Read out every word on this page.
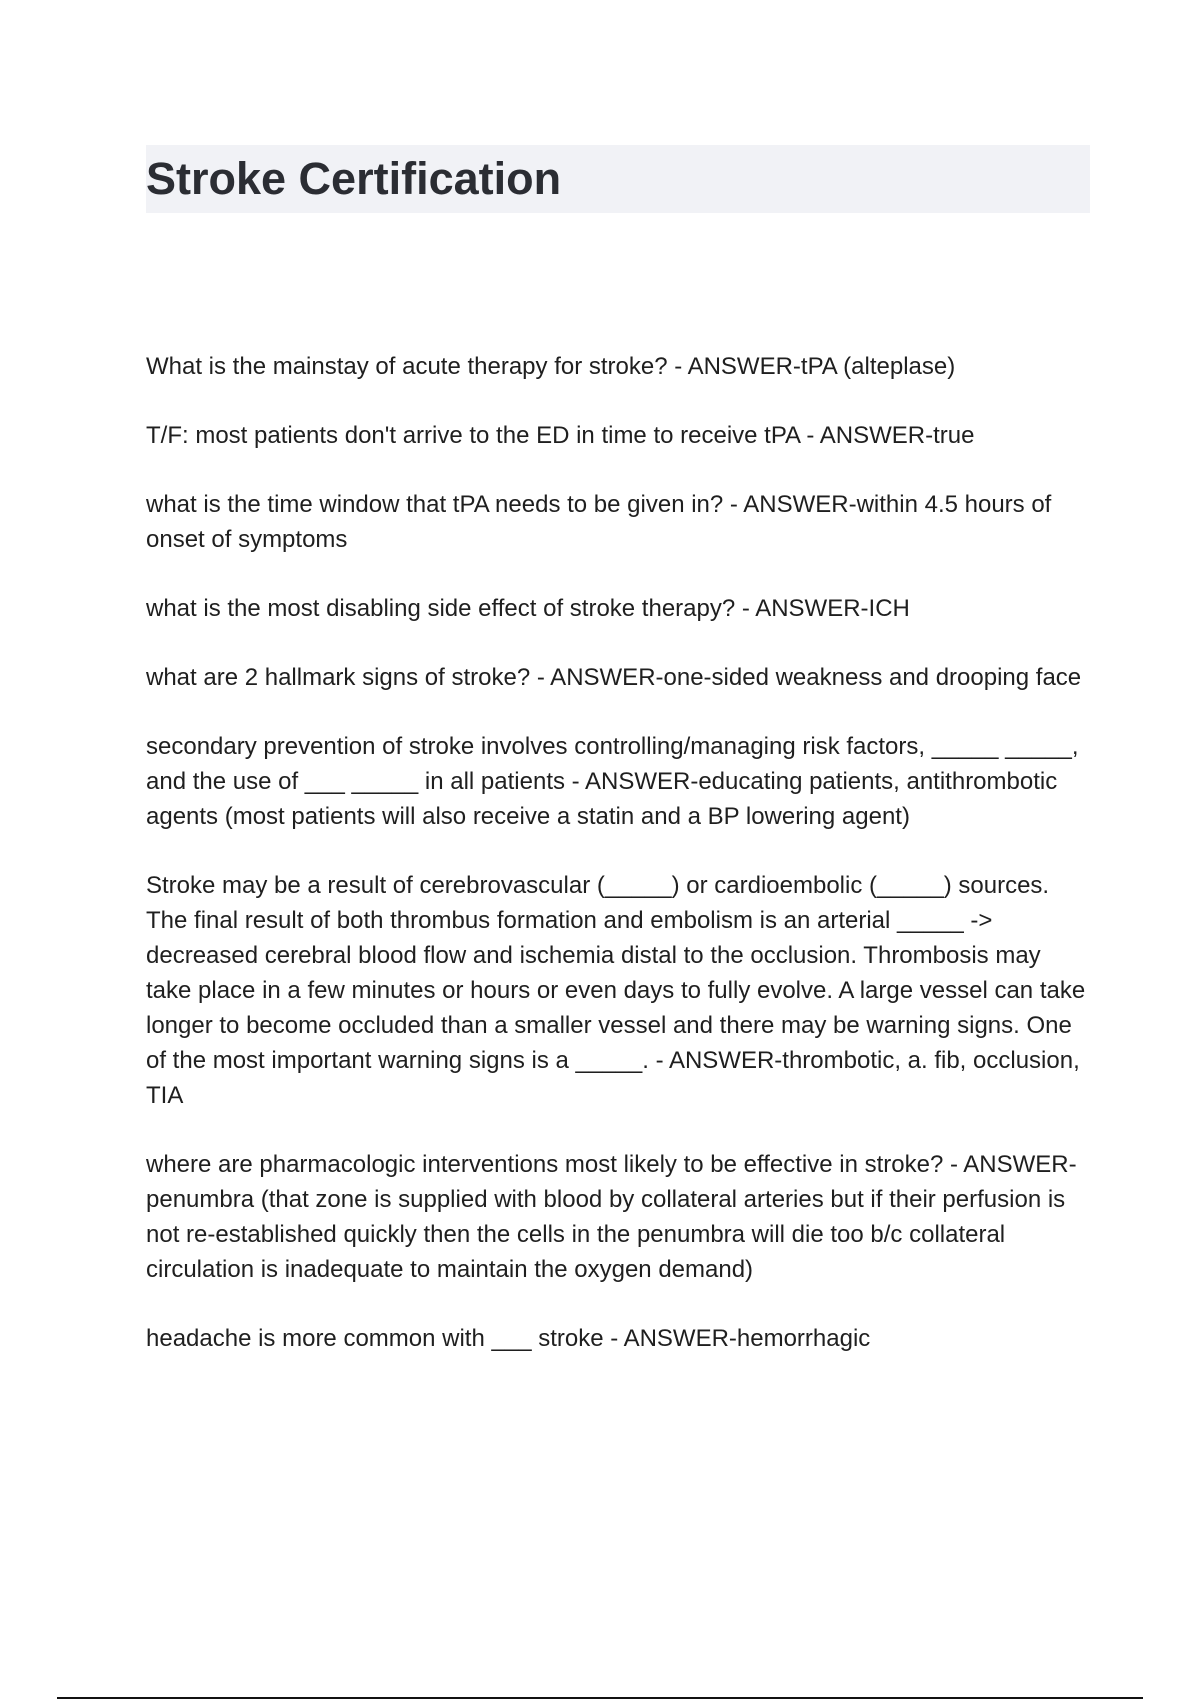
Stroke Certification

What is the mainstay of acute therapy for stroke? - ANSWER-tPA (alteplase)

T/F: most patients don't arrive to the ED in time to receive tPA - ANSWER-true

what is the time window that tPA needs to be given in? - ANSWER-within 4.5 hours of onset of symptoms

what is the most disabling side effect of stroke therapy? - ANSWER-ICH

what are 2 hallmark signs of stroke? - ANSWER-one-sided weakness and drooping face

secondary prevention of stroke involves controlling/managing risk factors, _____ _____, and the use of ___ _____ in all patients - ANSWER-educating patients, antithrombotic agents (most patients will also receive a statin and a BP lowering agent)

Stroke may be a result of cerebrovascular (_____) or cardioembolic (_____) sources. The final result of both thrombus formation and embolism is an arterial _____ -> decreased cerebral blood flow and ischemia distal to the occlusion. Thrombosis may take place in a few minutes or hours or even days to fully evolve. A large vessel can take longer to become occluded than a smaller vessel and there may be warning signs. One of the most important warning signs is a _____. - ANSWER-thrombotic, a. fib, occlusion, TIA

where are pharmacologic interventions most likely to be effective in stroke? - ANSWER-penumbra (that zone is supplied with blood by collateral arteries but if their perfusion is not re-established quickly then the cells in the penumbra will die too b/c collateral circulation is inadequate to maintain the oxygen demand)

headache is more common with ___ stroke - ANSWER-hemorrhagic
